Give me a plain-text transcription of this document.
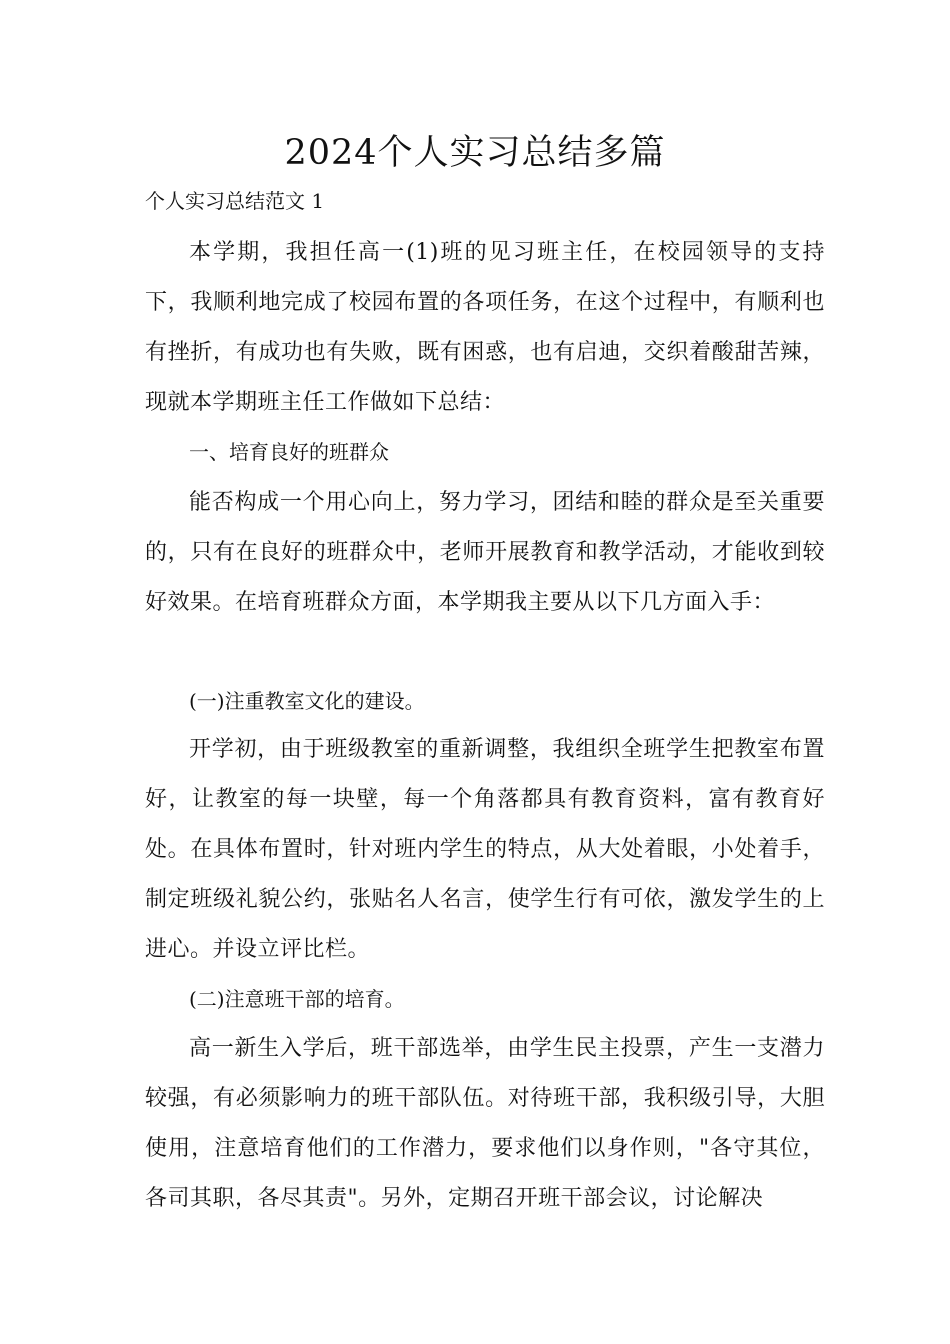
2024个人实习总结多篇
个人实习总结范文 1

本学期，我担任高一(1)班的见习班主任，在校园领导的支持下，我顺利地完成了校园布置的各项任务，在这个过程中，有顺利也有挫折，有成功也有失败，既有困惑，也有启迪，交织着酸甜苦辣，现就本学期班主任工作做如下总结：

一、培育良好的班群众

能否构成一个用心向上，努力学习，团结和睦的群众是至关重要的，只有在良好的班群众中，老师开展教育和教学活动，才能收到较好效果。在培育班群众方面，本学期我主要从以下几方面入手：

(一)注重教室文化的建设。

开学初，由于班级教室的重新调整，我组织全班学生把教室布置好，让教室的每一块壁，每一个角落都具有教育资料，富有教育好处。在具体布置时，针对班内学生的特点，从大处着眼，小处着手，制定班级礼貌公约，张贴名人名言，使学生行有可依，激发学生的上进心。并设立评比栏。

(二)注意班干部的培育。

高一新生入学后，班干部选举，由学生民主投票，产生一支潜力较强，有必须影响力的班干部队伍。对待班干部，我积级引导，大胆使用，注意培育他们的工作潜力，要求他们以身作则，"各守其位，各司其职，各尽其责"。另外，定期召开班干部会议，讨论解决
